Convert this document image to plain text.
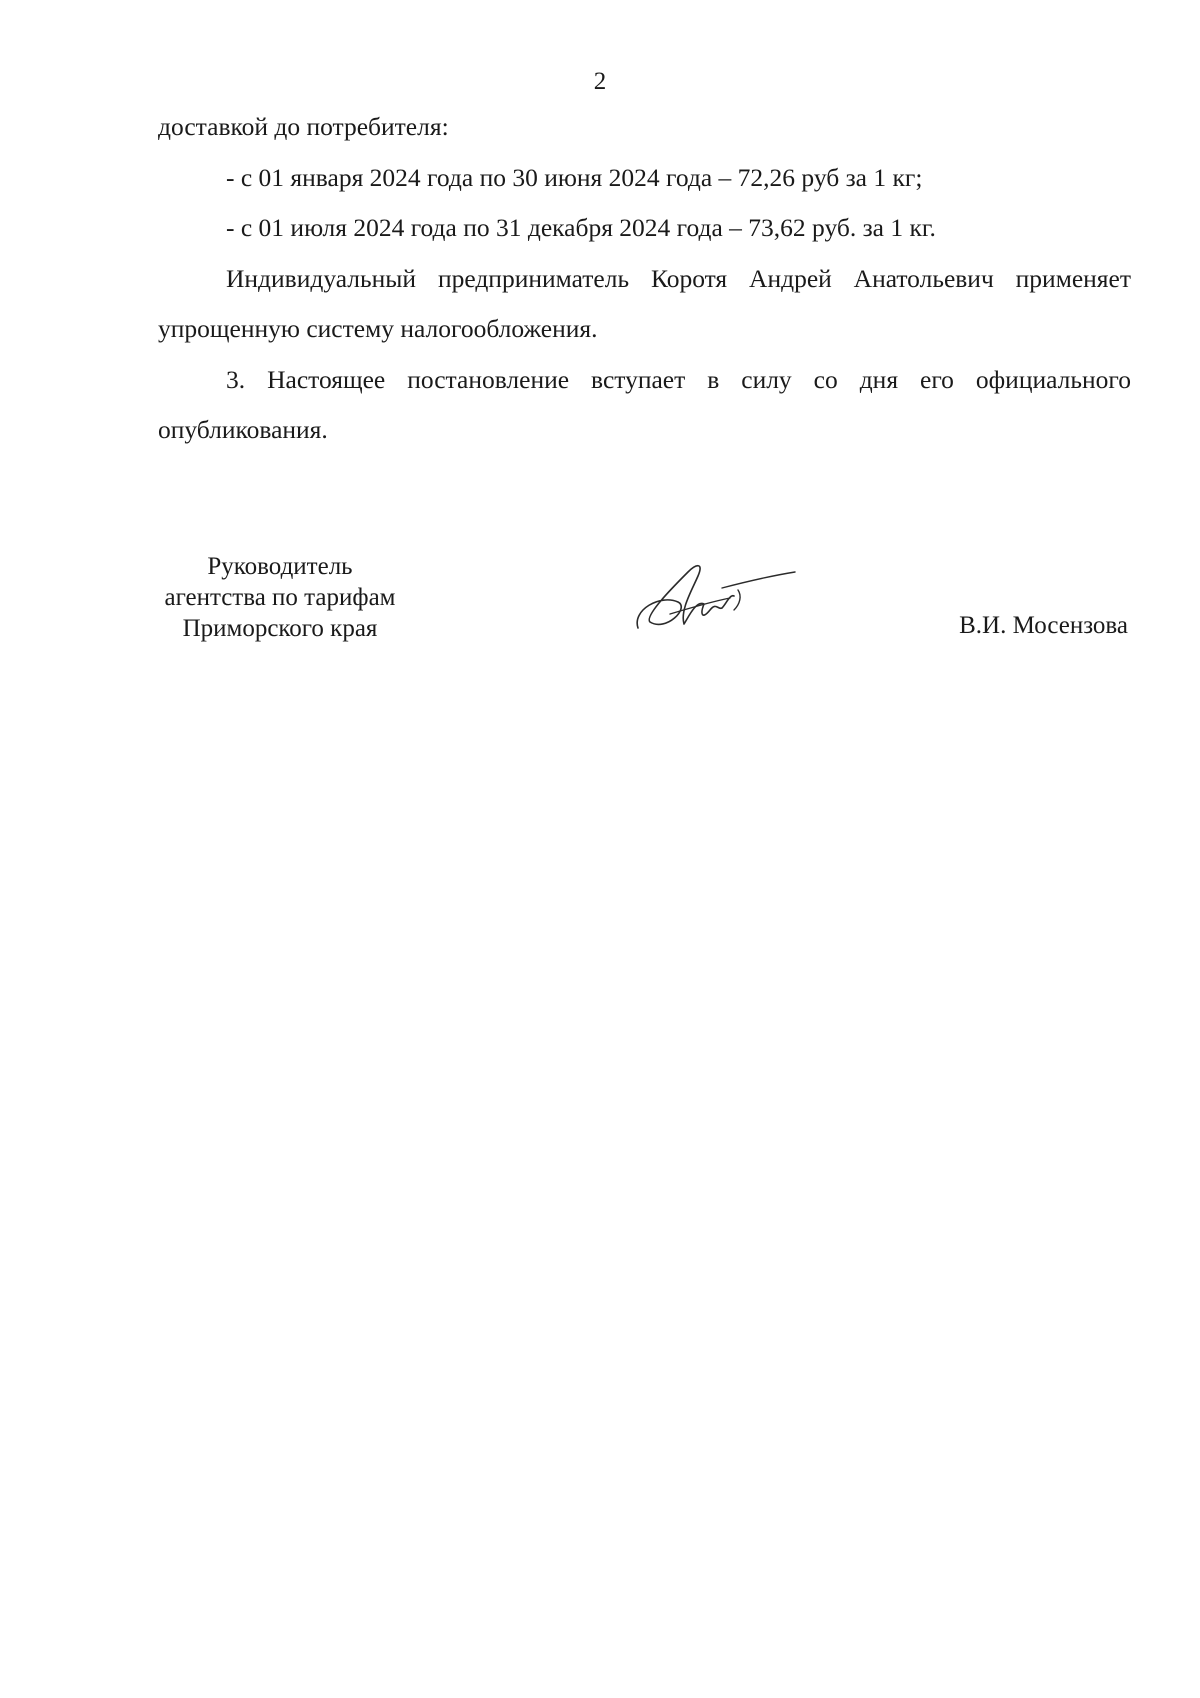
2

доставкой до потребителя:

- с 01 января 2024 года по 30 июня 2024 года – 72,26 руб за 1 кг;

- с 01 июля 2024 года по 31 декабря 2024 года – 73,62 руб. за 1 кг.

Индивидуальный предприниматель Коротя Андрей Анатольевич применяет упрощенную систему налогообложения.

3. Настоящее постановление вступает в силу со дня его официального опубликования.

Руководитель
агентства по тарифам
Приморского края	В.И. Мосензова
